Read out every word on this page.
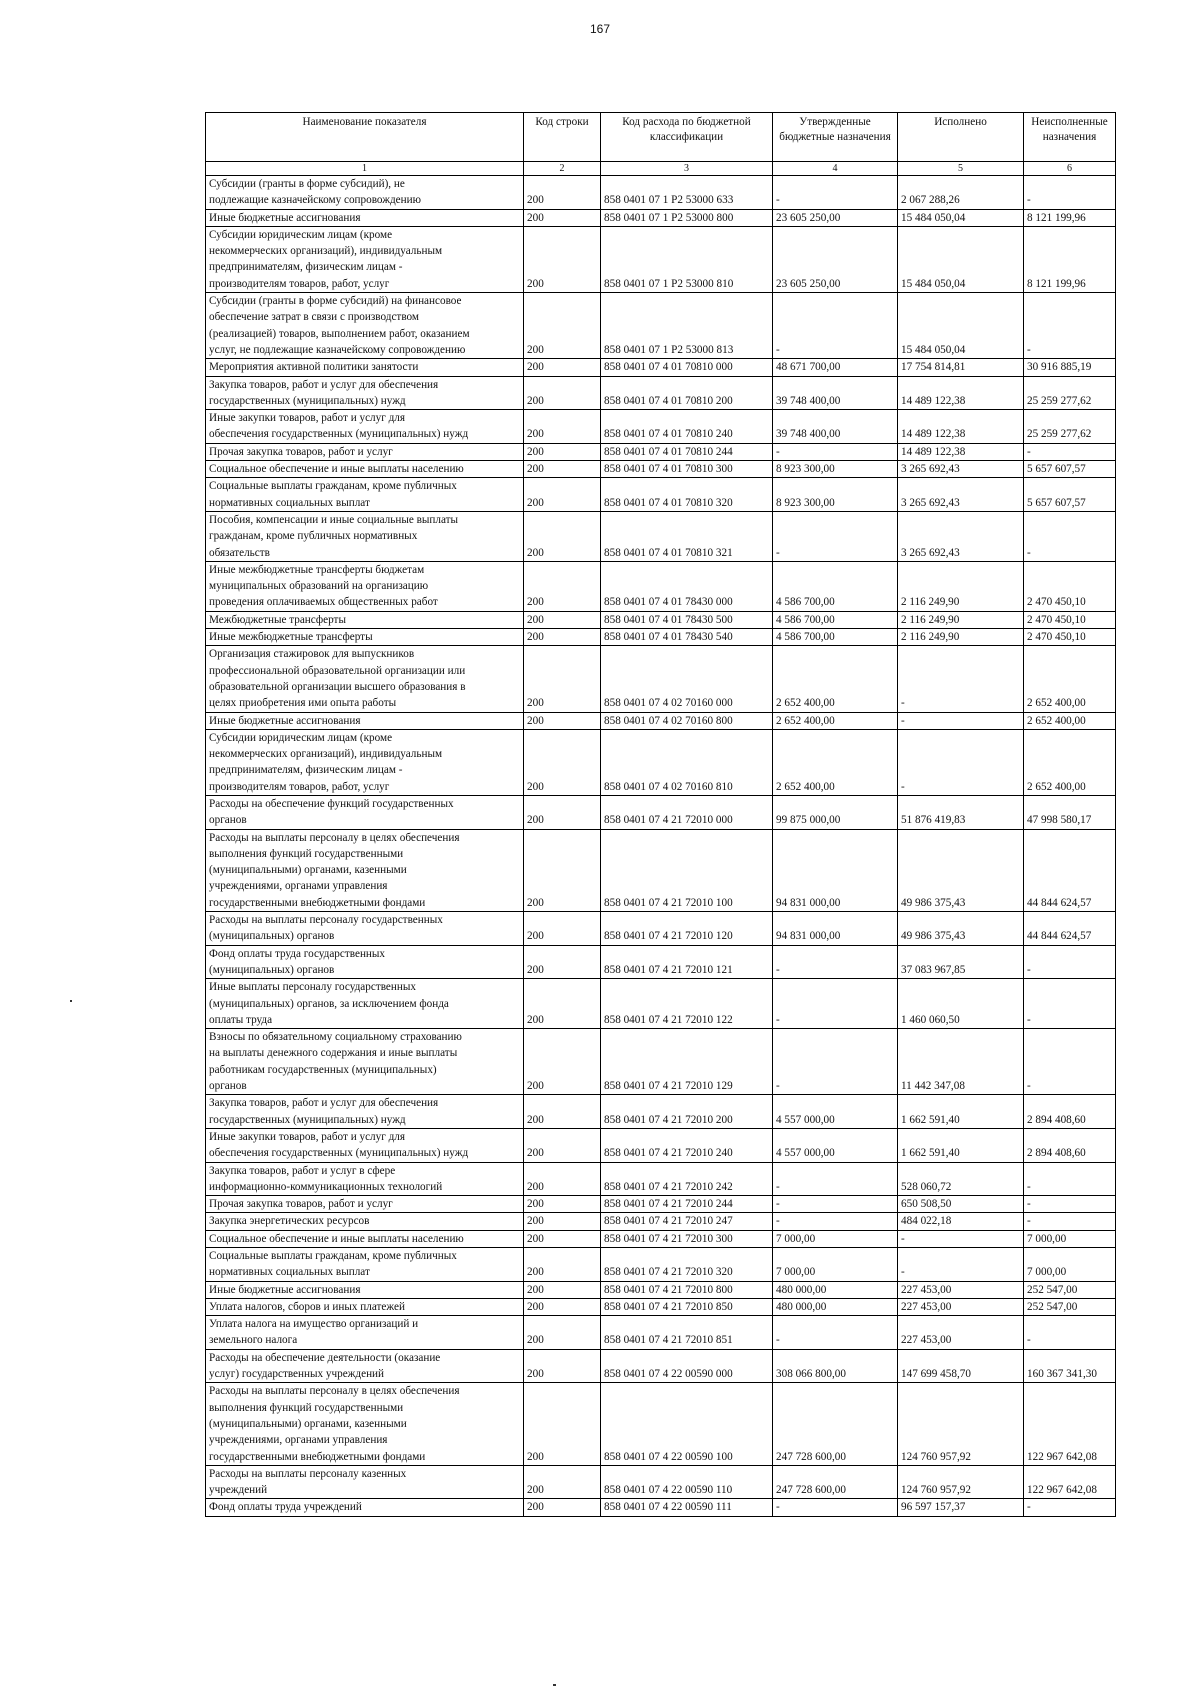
167
Наименование показателя	Код строки	Код расхода по бюджетной классификации	Утвержденные бюджетные назначения	Исполнено	Неисполненные назначения
1	2	3	4	5	6
Субсидии (гранты в форме субсидий), не
подлежащие казначейскому сопровождению	200	858 0401 07 1 P2 53000 633	-	2 067 288,26	-
Иные бюджетные ассигнования	200	858 0401 07 1 P2 53000 800	23 605 250,00	15 484 050,04	8 121 199,96
Субсидии юридическим лицам (кроме
некоммерческих организаций), индивидуальным
предпринимателям, физическим лицам -
производителям товаров, работ, услуг	200	858 0401 07 1 P2 53000 810	23 605 250,00	15 484 050,04	8 121 199,96
Субсидии (гранты в форме субсидий) на финансовое
обеспечение затрат в связи с производством
(реализацией) товаров, выполнением работ, оказанием
услуг, не подлежащие казначейскому сопровождению	200	858 0401 07 1 P2 53000 813	-	15 484 050,04	-
Мероприятия активной политики занятости	200	858 0401 07 4 01 70810 000	48 671 700,00	17 754 814,81	30 916 885,19
Закупка товаров, работ и услуг для обеспечения
государственных (муниципальных) нужд	200	858 0401 07 4 01 70810 200	39 748 400,00	14 489 122,38	25 259 277,62
Иные закупки товаров, работ и услуг для
обеспечения государственных (муниципальных) нужд	200	858 0401 07 4 01 70810 240	39 748 400,00	14 489 122,38	25 259 277,62
Прочая закупка товаров, работ и услуг	200	858 0401 07 4 01 70810 244	-	14 489 122,38	-
Социальное обеспечение и иные выплаты населению	200	858 0401 07 4 01 70810 300	8 923 300,00	3 265 692,43	5 657 607,57
Социальные выплаты гражданам, кроме публичных
нормативных социальных выплат	200	858 0401 07 4 01 70810 320	8 923 300,00	3 265 692,43	5 657 607,57
Пособия, компенсации и иные социальные выплаты
гражданам, кроме публичных нормативных
обязательств	200	858 0401 07 4 01 70810 321	-	3 265 692,43	-
Иные межбюджетные трансферты бюджетам
муниципальных образований на организацию
проведения оплачиваемых общественных работ	200	858 0401 07 4 01 78430 000	4 586 700,00	2 116 249,90	2 470 450,10
Межбюджетные трансферты	200	858 0401 07 4 01 78430 500	4 586 700,00	2 116 249,90	2 470 450,10
Иные межбюджетные трансферты	200	858 0401 07 4 01 78430 540	4 586 700,00	2 116 249,90	2 470 450,10
Организация стажировок для выпускников
профессиональной образовательной организации или
образовательной организации высшего образования в
целях приобретения ими опыта работы	200	858 0401 07 4 02 70160 000	2 652 400,00	-	2 652 400,00
Иные бюджетные ассигнования	200	858 0401 07 4 02 70160 800	2 652 400,00	-	2 652 400,00
Субсидии юридическим лицам (кроме
некоммерческих организаций), индивидуальным
предпринимателям, физическим лицам -
производителям товаров, работ, услуг	200	858 0401 07 4 02 70160 810	2 652 400,00	-	2 652 400,00
Расходы на обеспечение функций государственных
органов	200	858 0401 07 4 21 72010 000	99 875 000,00	51 876 419,83	47 998 580,17
Расходы на выплаты персоналу в целях обеспечения
выполнения функций государственными
(муниципальными) органами, казенными
учреждениями, органами управления
государственными внебюджетными фондами	200	858 0401 07 4 21 72010 100	94 831 000,00	49 986 375,43	44 844 624,57
Расходы на выплаты персоналу государственных
(муниципальных) органов	200	858 0401 07 4 21 72010 120	94 831 000,00	49 986 375,43	44 844 624,57
Фонд оплаты труда государственных
(муниципальных) органов	200	858 0401 07 4 21 72010 121	-	37 083 967,85	-
Иные выплаты персоналу государственных
(муниципальных) органов, за исключением фонда
оплаты труда	200	858 0401 07 4 21 72010 122	-	1 460 060,50	-
Взносы по обязательному социальному страхованию
на выплаты денежного содержания и иные выплаты
работникам государственных (муниципальных)
органов	200	858 0401 07 4 21 72010 129	-	11 442 347,08	-
Закупка товаров, работ и услуг для обеспечения
государственных (муниципальных) нужд	200	858 0401 07 4 21 72010 200	4 557 000,00	1 662 591,40	2 894 408,60
Иные закупки товаров, работ и услуг для
обеспечения государственных (муниципальных) нужд	200	858 0401 07 4 21 72010 240	4 557 000,00	1 662 591,40	2 894 408,60
Закупка товаров, работ и услуг в сфере
информационно-коммуникационных технологий	200	858 0401 07 4 21 72010 242	-	528 060,72	-
Прочая закупка товаров, работ и услуг	200	858 0401 07 4 21 72010 244	-	650 508,50	-
Закупка энергетических ресурсов	200	858 0401 07 4 21 72010 247	-	484 022,18	-
Социальное обеспечение и иные выплаты населению	200	858 0401 07 4 21 72010 300	7 000,00	-	7 000,00
Социальные выплаты гражданам, кроме публичных
нормативных социальных выплат	200	858 0401 07 4 21 72010 320	7 000,00	-	7 000,00
Иные бюджетные ассигнования	200	858 0401 07 4 21 72010 800	480 000,00	227 453,00	252 547,00
Уплата налогов, сборов и иных платежей	200	858 0401 07 4 21 72010 850	480 000,00	227 453,00	252 547,00
Уплата налога на имущество организаций и
земельного налога	200	858 0401 07 4 21 72010 851	-	227 453,00	-
Расходы на обеспечение деятельности (оказание
услуг) государственных учреждений	200	858 0401 07 4 22 00590 000	308 066 800,00	147 699 458,70	160 367 341,30
Расходы на выплаты персоналу в целях обеспечения
выполнения функций государственными
(муниципальными) органами, казенными
учреждениями, органами управления
государственными внебюджетными фондами	200	858 0401 07 4 22 00590 100	247 728 600,00	124 760 957,92	122 967 642,08
Расходы на выплаты персоналу казенных
учреждений	200	858 0401 07 4 22 00590 110	247 728 600,00	124 760 957,92	122 967 642,08
Фонд оплаты труда учреждений	200	858 0401 07 4 22 00590 111	-	96 597 157,37	-
